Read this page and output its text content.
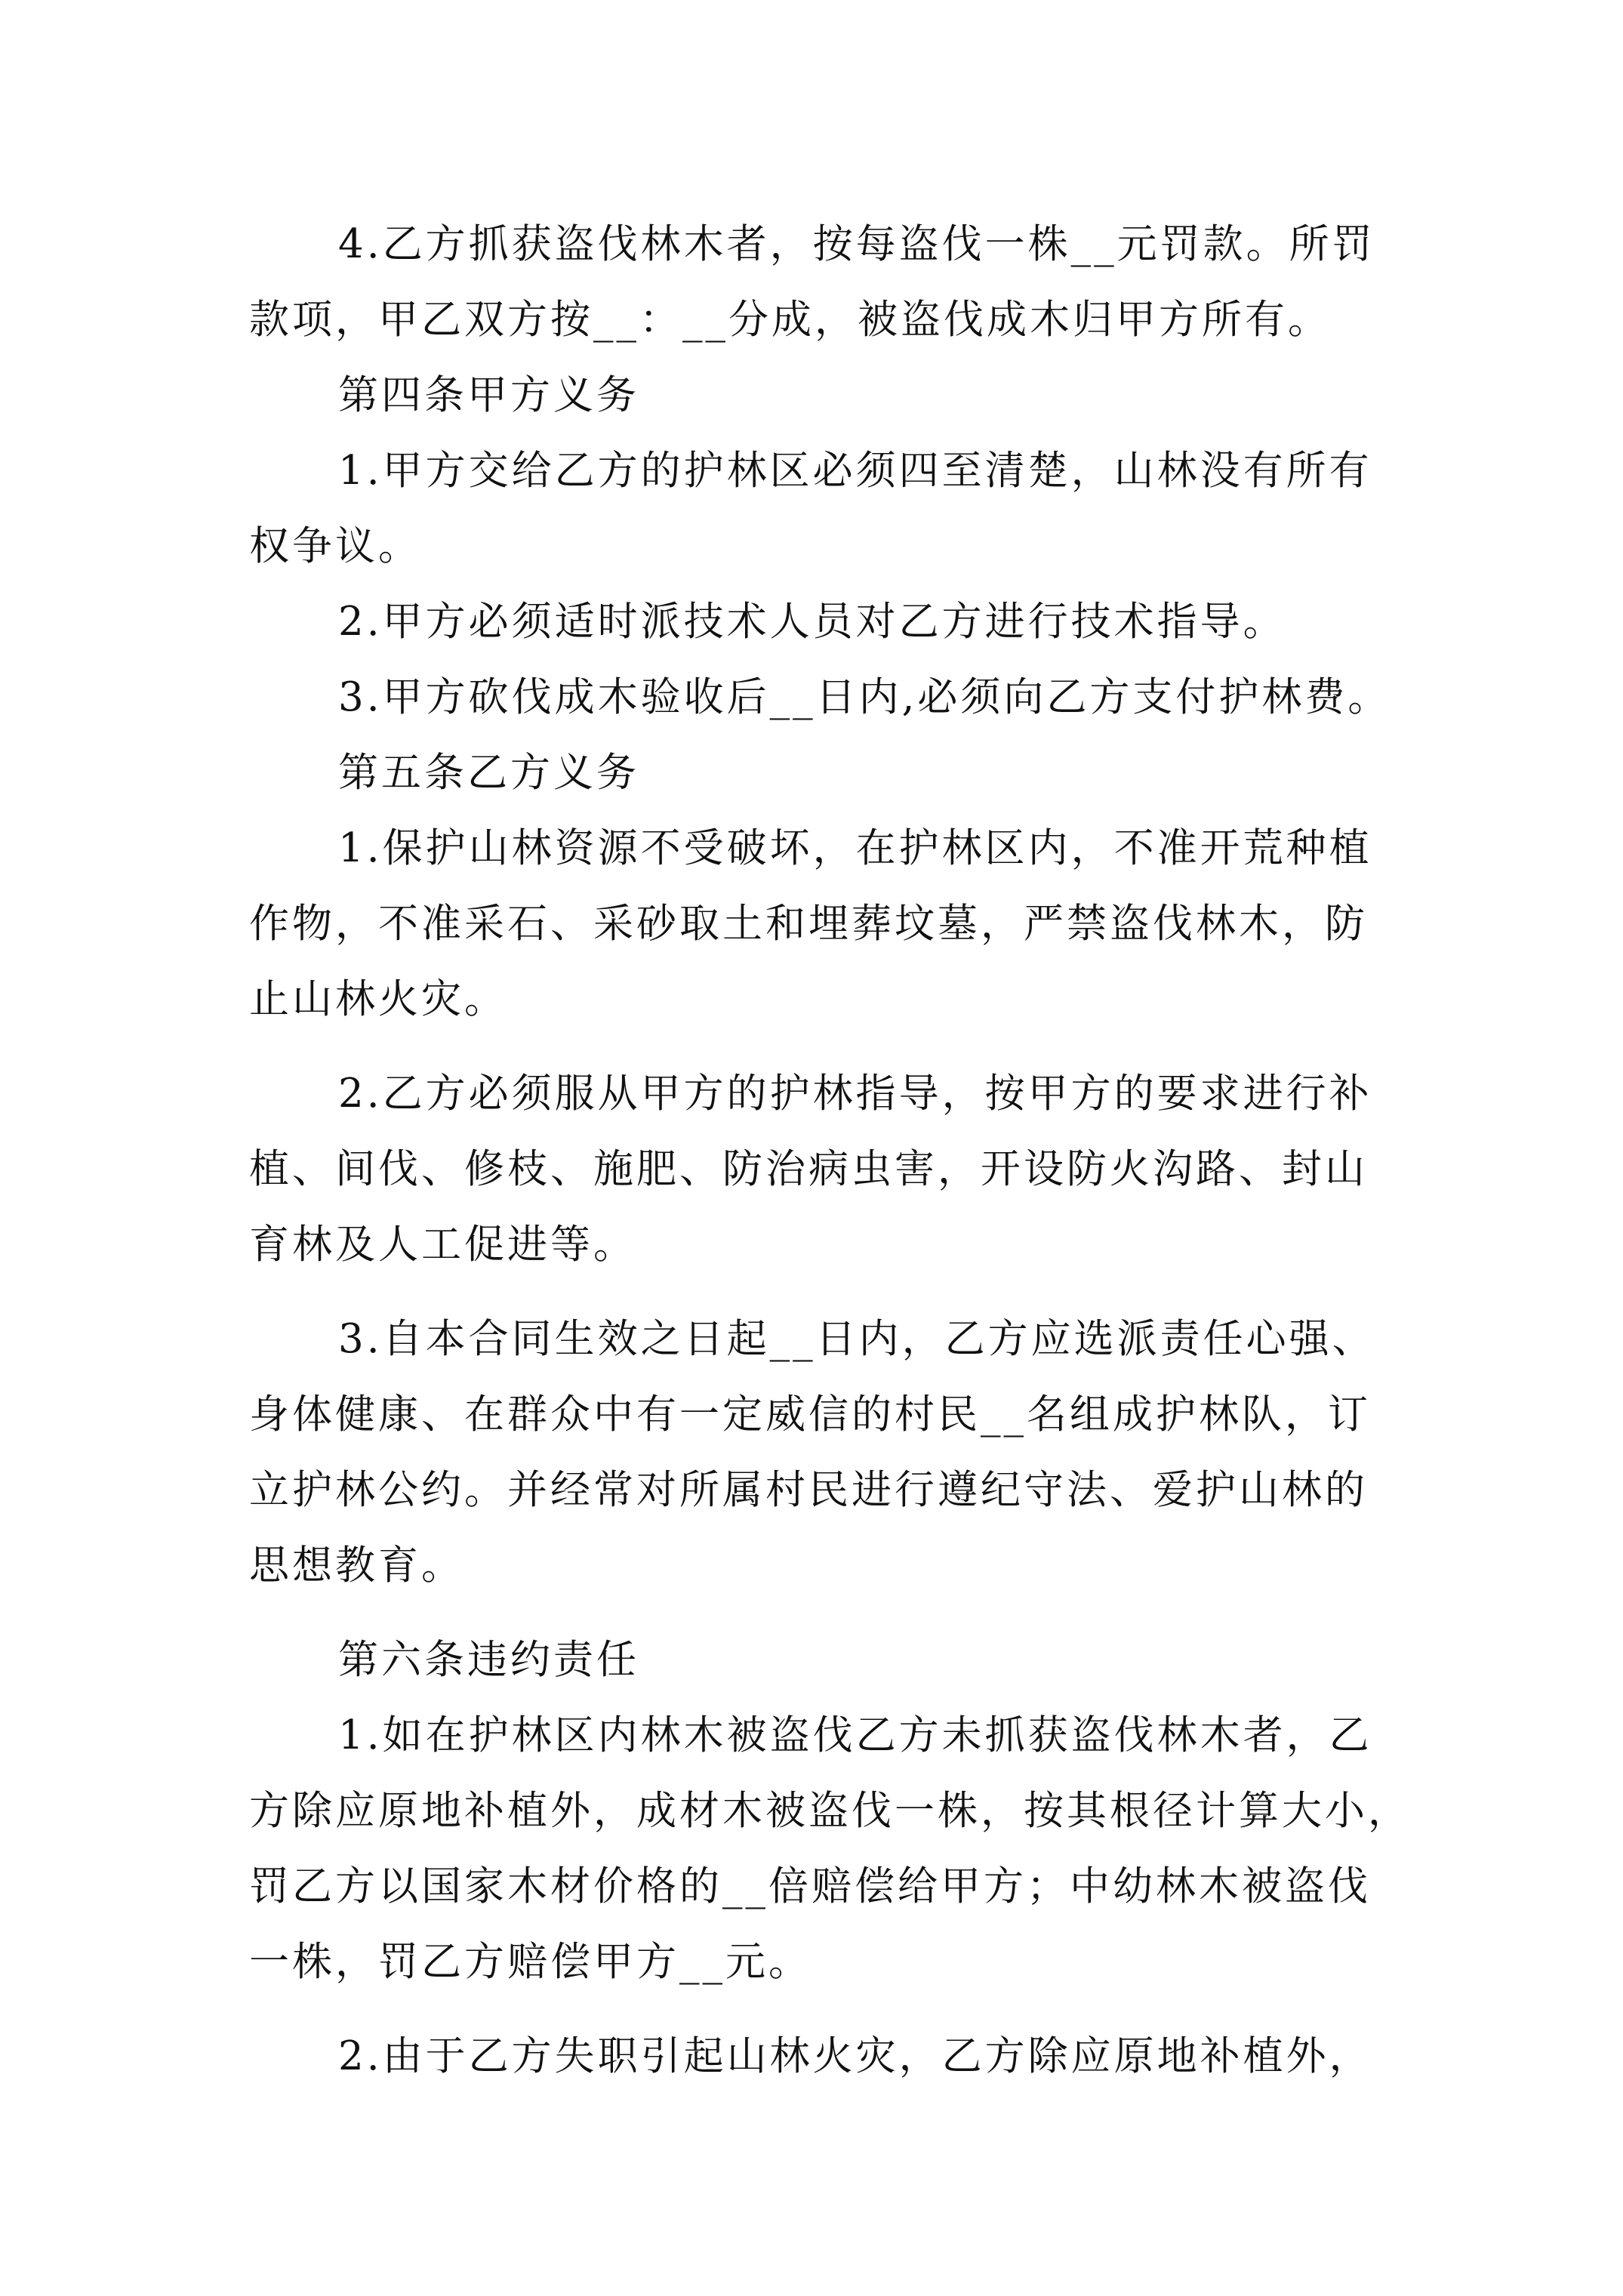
4.乙方抓获盗伐林木者，按每盗伐一株__元罚款。所罚
款项，甲乙双方按__：__分成，被盗伐成木归甲方所有。
第四条甲方义务
1.甲方交给乙方的护林区必须四至清楚，山林没有所有
权争议。
2.甲方必须适时派技术人员对乙方进行技术指导。
3.甲方砍伐成木验收后__日内,必须向乙方支付护林费。
第五条乙方义务
1.保护山林资源不受破坏，在护林区内，不准开荒种植
作物，不准采石、采砂取土和埋葬坟墓，严禁盗伐林木，防
止山林火灾。
2.乙方必须服从甲方的护林指导，按甲方的要求进行补
植、间伐、修枝、施肥、防治病虫害，开设防火沟路、封山
育林及人工促进等。
3.自本合同生效之日起__日内，乙方应选派责任心强、
身体健康、在群众中有一定威信的村民__名组成护林队，订
立护林公约。并经常对所属村民进行遵纪守法、爱护山林的
思想教育。
第六条违约责任
1.如在护林区内林木被盗伐乙方未抓获盗伐林木者，乙
方除应原地补植外，成材木被盗伐一株，按其根径计算大小，
罚乙方以国家木材价格的__倍赔偿给甲方；中幼林木被盗伐
一株，罚乙方赔偿甲方__元。
2.由于乙方失职引起山林火灾，乙方除应原地补植外，
